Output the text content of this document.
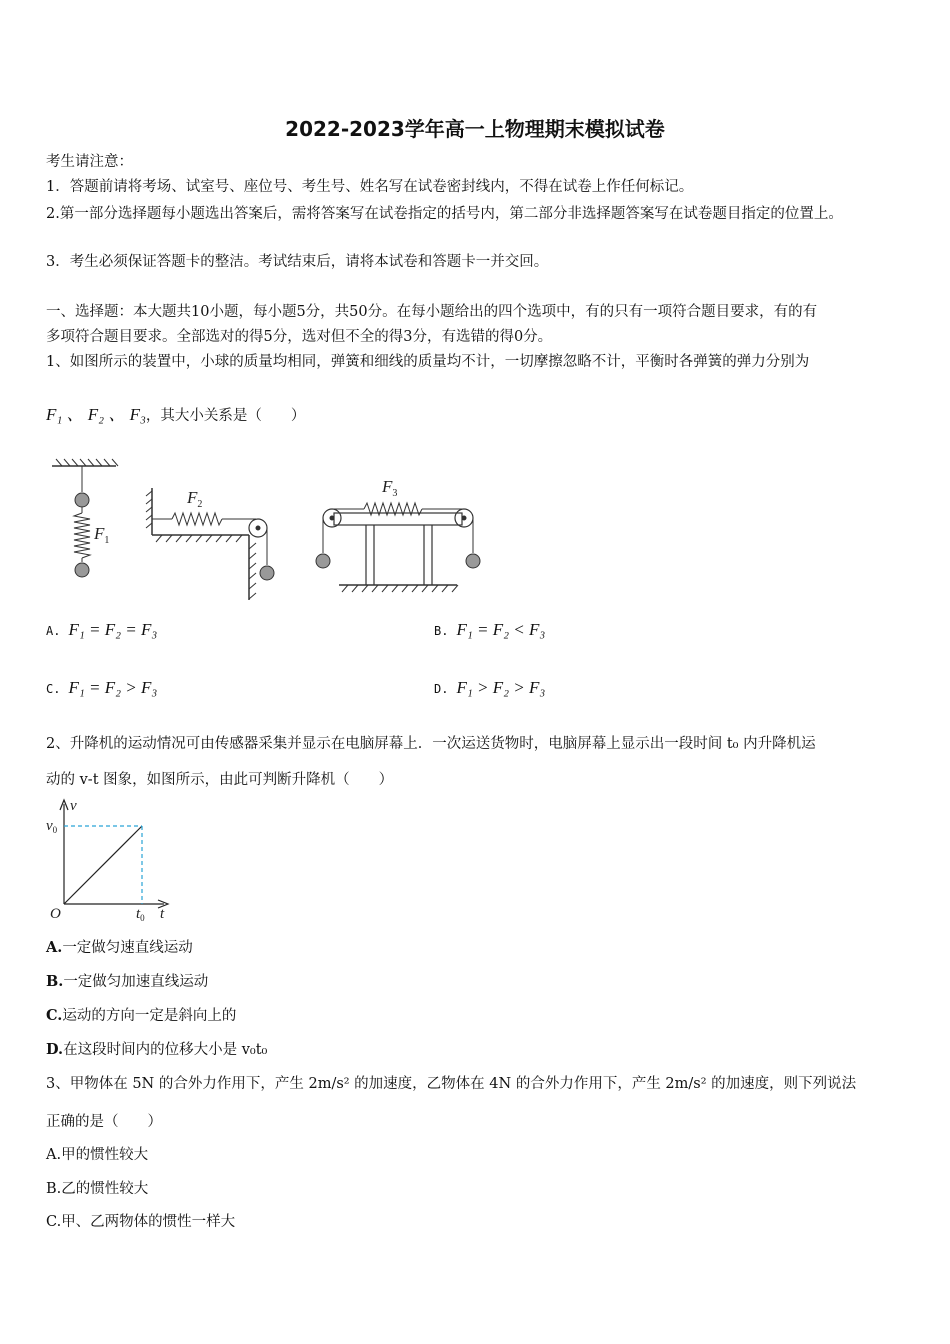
2022-2023学年高一上物理期末模拟试卷
考生请注意：
1．答题前请将考场、试室号、座位号、考生号、姓名写在试卷密封线内，不得在试卷上作任何标记。
2.第一部分选择题每小题选出答案后，需将答案写在试卷指定的括号内，第二部分非选择题答案写在试卷题目指定的位置上。
3．考生必须保证答题卡的整洁。考试结束后，请将本试卷和答题卡一并交回。
一、选择题：本大题共10小题，每小题5分，共50分。在每小题给出的四个选项中，有的只有一项符合题目要求，有的有
多项符合题目要求。全部选对的得5分，选对但不全的得3分，有选错的得0分。
1、如图所示的装置中，小球的质量均相同，弹簧和细线的质量均不计，一切摩擦忽略不计，平衡时各弹簧的弹力分别为
F₁ 、 F₂ 、 F₃，其大小关系是（　　）
$F_1$
$F_2$
$F_3$
A. F₁ = F₂ = F₃	B. F₁ = F₂ < F₃
C. F₁ = F₂ > F₃	D. F₁ > F₂ > F₃
2、升降机的运动情况可由传感器采集并显示在电脑屏幕上．一次运送货物时，电脑屏幕上显示出一段时间 t₀ 内升降机运
动的 v-t 图象，如图所示，由此可判断升降机（　　）
v
t
O
$v_0$
$t_0$
A.一定做匀速直线运动
B.一定做匀加速直线运动
C.运动的方向一定是斜向上的
D.在这段时间内的位移大小是 v₀t₀
3、甲物体在 5N 的合外力作用下，产生 2m/s² 的加速度，乙物体在 4N 的合外力作用下，产生 2m/s² 的加速度，则下列说法
正确的是（　　）
A.甲的惯性较大
B.乙的惯性较大
C.甲、乙两物体的惯性一样大
